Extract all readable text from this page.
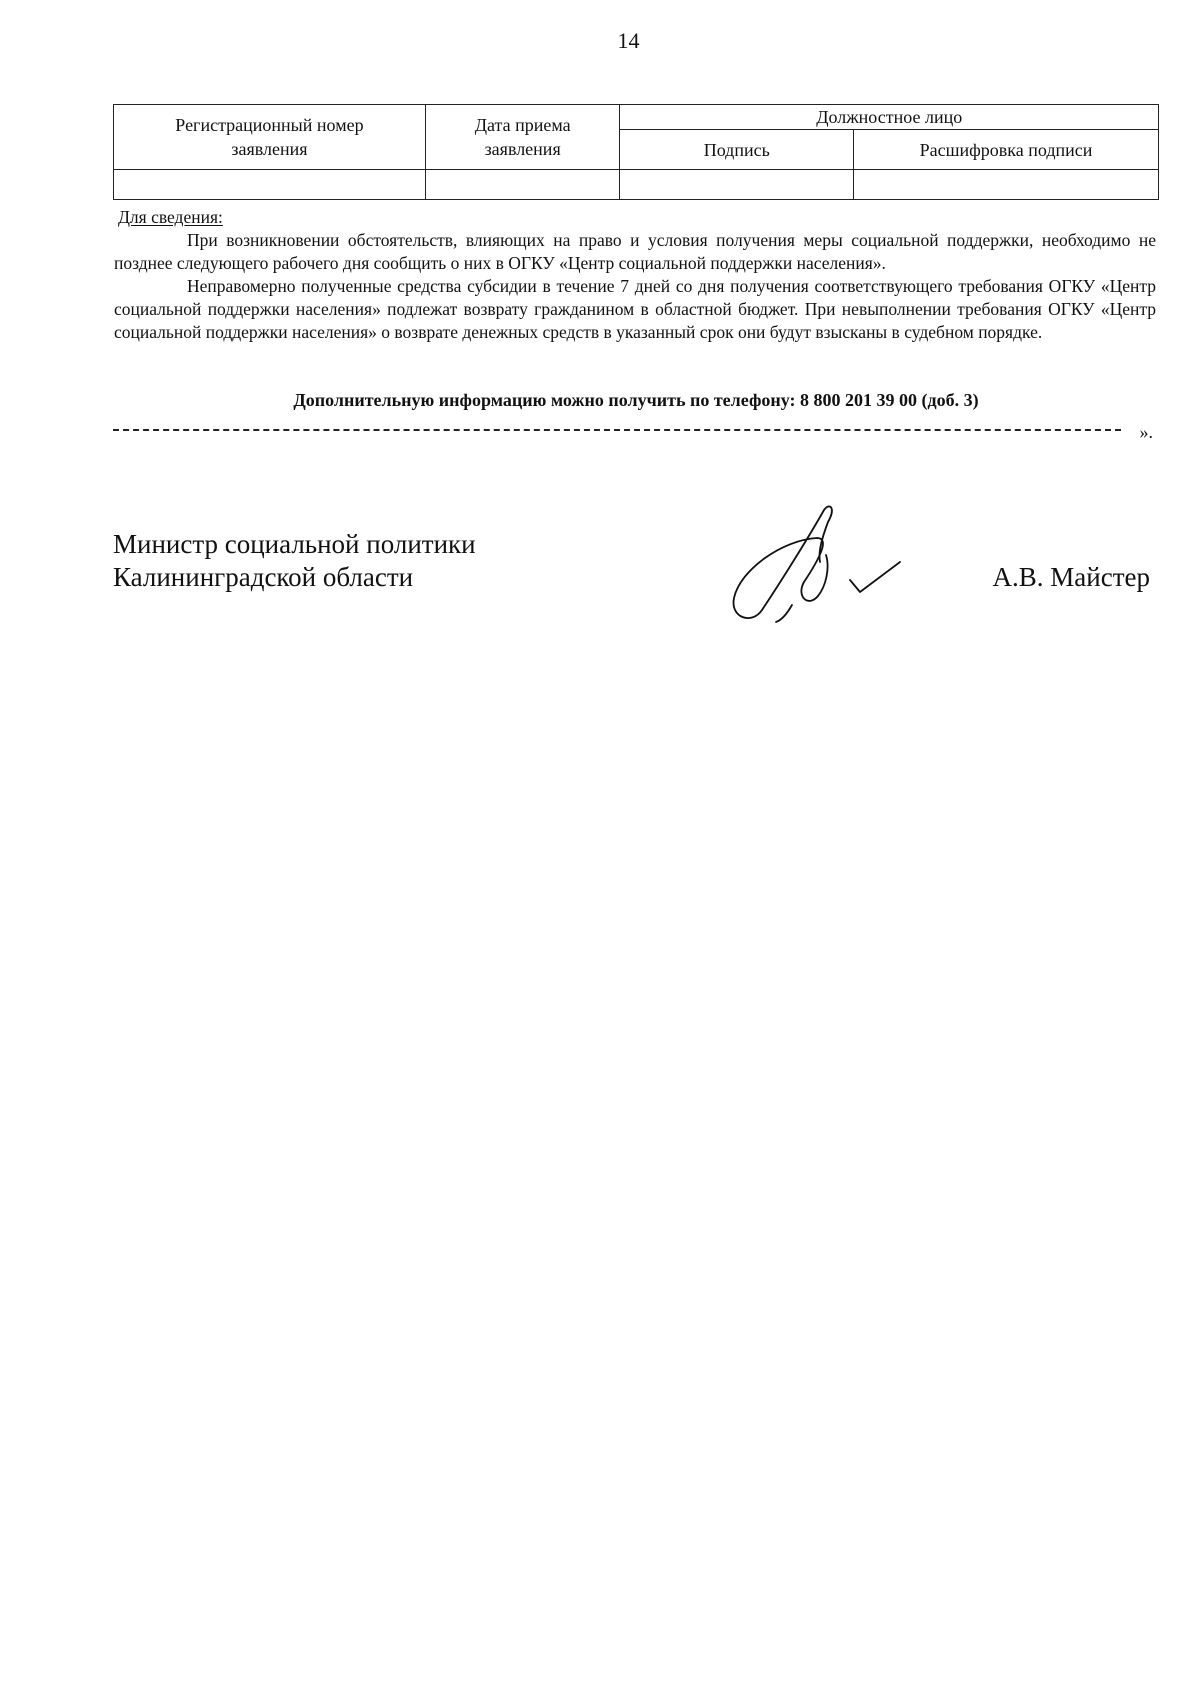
14
Регистрационный номер заявления	Дата приема заявления	Должностное лицо	
		Подпись	Расшифровка подписи

Для сведения:

При возникновении обстоятельств, влияющих на право и условия получения меры социальной поддержки, необходимо не позднее следующего рабочего дня сообщить о них в ОГКУ «Центр социальной поддержки населения».

Неправомерно полученные средства субсидии в течение 7 дней со дня получения соответствующего требования ОГКУ «Центр социальной поддержки населения» подлежат возврату гражданином в областной бюджет. При невыполнении требования ОГКУ «Центр социальной поддержки населения» о возврате денежных средств в указанный срок они будут взысканы в судебном порядке.

Дополнительную информацию можно получить по телефону: 8 800 201 39 00 (доб. 3)
».
Министр социальной политики
Калининградской области	А.В. Майстер
